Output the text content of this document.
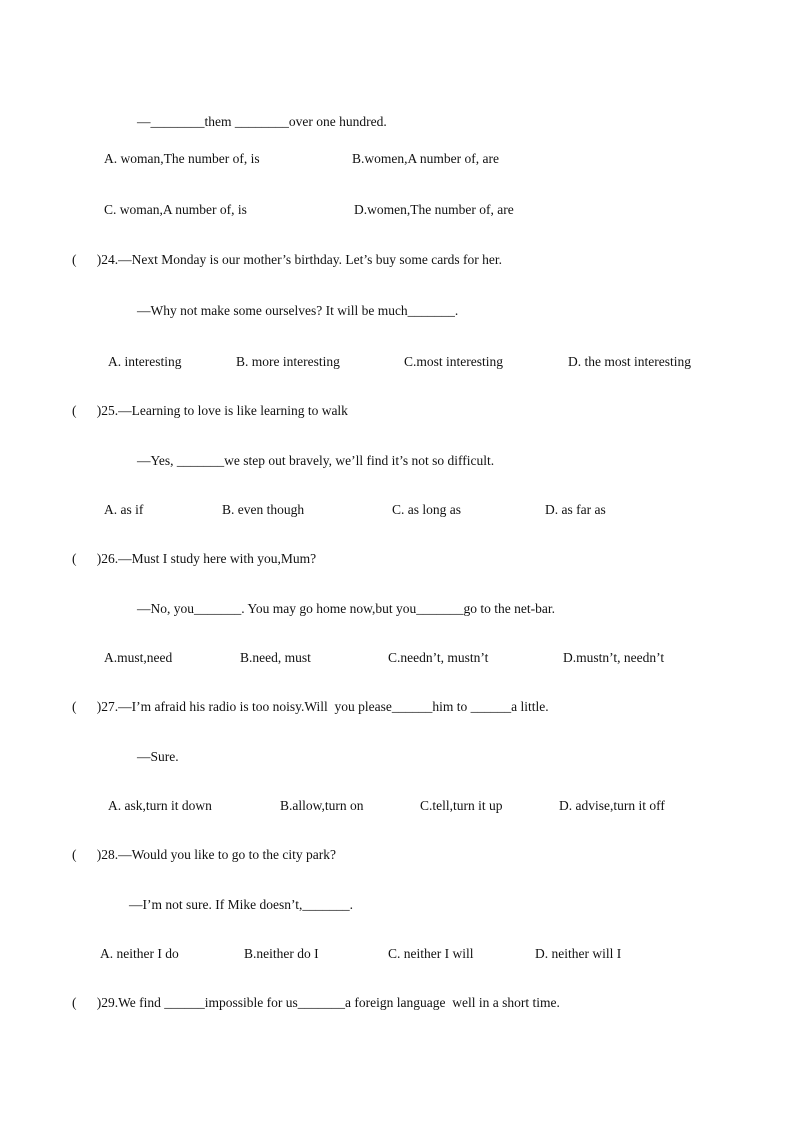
—________them ________over one hundred.
A. woman,The number of, is	B.women,A number of, are
C. woman,A number of, is	D.women,The number of, are
(      )24.—Next Monday is our mother’s birthday. Let’s buy some cards for her.
—Why not make some ourselves? It will be much_______.
A. interesting	B. more interesting	C.most interesting	D. the most interesting
(      )25.—Learning to love is like learning to walk
—Yes, _______we step out bravely, we’ll find it’s not so difficult.
A. as if	B. even though	C. as long as	D. as far as
(      )26.—Must I study here with you,Mum?
—No, you_______. You may go home now,but you_______go to the net-bar.
A.must,need	B.need, must	C.needn’t, mustn’t	D.mustn’t, needn’t
(      )27.—I’m afraid his radio is too noisy.Will  you please______him to ______a little.
—Sure.
A. ask,turn it down	B.allow,turn on	C.tell,turn it up	D. advise,turn it off
(      )28.—Would you like to go to the city park?
—I’m not sure. If Mike doesn’t,_______.
A. neither I do	B.neither do I	C. neither I will	D. neither will I
(      )29.We find ______impossible for us_______a foreign language  well in a short time.
